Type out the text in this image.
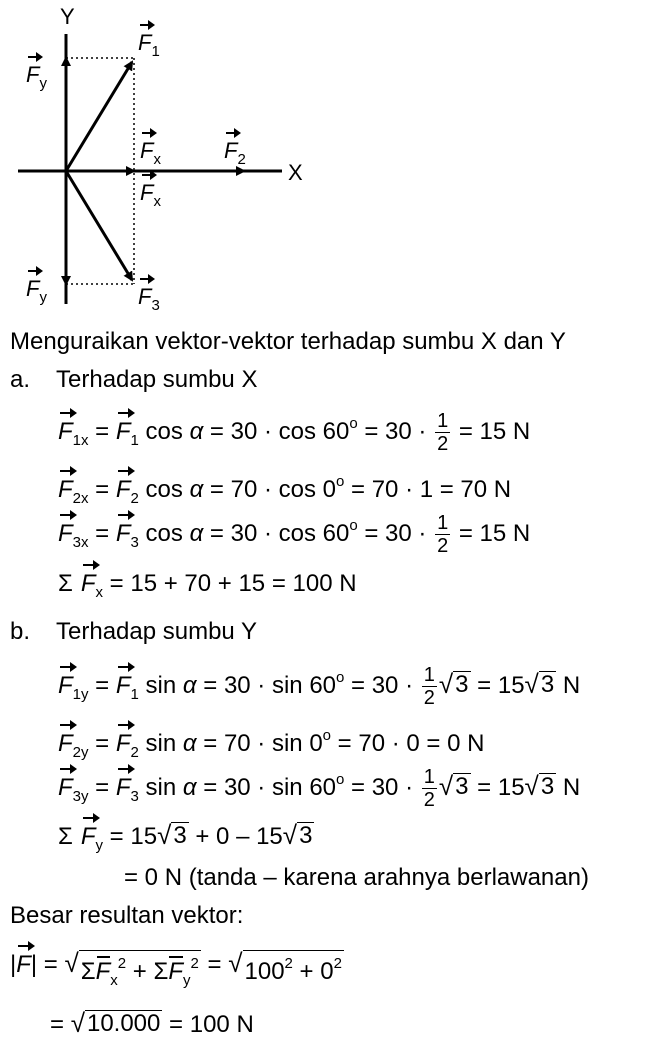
Y
X
$F_1$
$F_y$
$F_x$	$F_2$
$F_x$
$F_y$	$F_3$
Menguraikan vektor-vektor terhadap sumbu X dan Y
a. Terhadap sumbu X
$F_{1x} = F_1$ $\cos \alpha = 30 \cdot \cos 60^o = 30 \cdot \frac{1}{2} = 15$ N
$F_{2x} = F_2$ $\cos \alpha = 70 \cdot \cos 0^o = 70 \cdot 1 = 70$ N
$F_{3x} = F_3$ $\cos \alpha = 30 \cdot \cos 60^o = 30 \cdot \frac{1}{2} = 15$ N
Σ $F_x = 15 + 70 + 15 = 100$ N
b. Terhadap sumbu Y
$F_{1y} = F_1$ $\sin \alpha = 30 \cdot \sin 60^o = 30 \cdot \frac{1}{2}$ √ 3 = 15 √ 3 N
$F_{2y} = F_2$ $\sin \alpha = 70 \cdot \sin 0^o = 70 \cdot 0 = 0$ N
$F_{3y} = F_3$ $\sin \alpha = 30 \cdot \sin 60^o = 30 \cdot \frac{1}{2}$ √ 3 = 15 √ 3 N
Σ $F_y = 15$ √ 3 + 0 – 15 √ 3
= 0 N (tanda – karena arahnya berlawanan)
Besar resultan vektor:
|F| = √ $\Sigma F_x^2 + \Sigma F_y^2$ = √ $100^2 + 0^2$
= √ 10.000 = 100 N
